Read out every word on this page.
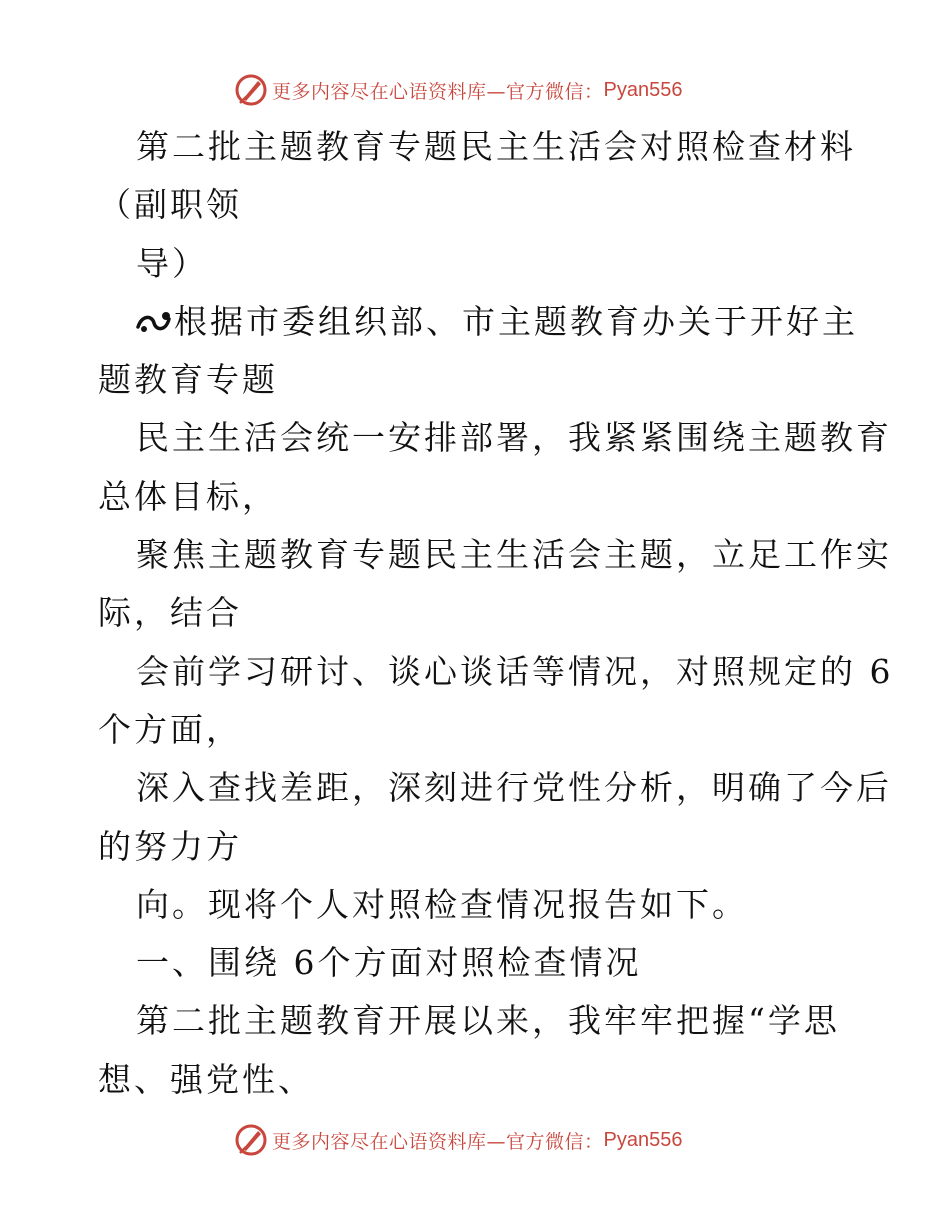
更多内容尽在心语资料库—官方微信： Pyan556
第二批主题教育专题民主生活会对照检查材料
（副职领
导）
根据市委组织部、市主题教育办关于开好主
题教育专题
民主生活会统一安排部署，我紧紧围绕主题教育
总体目标，
聚焦主题教育专题民主生活会主题，立足工作实
际，结合
会前学习研讨、谈心谈话等情况，对照规定的 6
个方面，
深入查找差距，深刻进行党性分析，明确了今后
的努力方
向。现将个人对照检查情况报告如下。
一、围绕 6个方面对照检查情况
第二批主题教育开展以来，我牢牢把握“学思
想、强党性、
更多内容尽在心语资料库—官方微信： Pyan556
